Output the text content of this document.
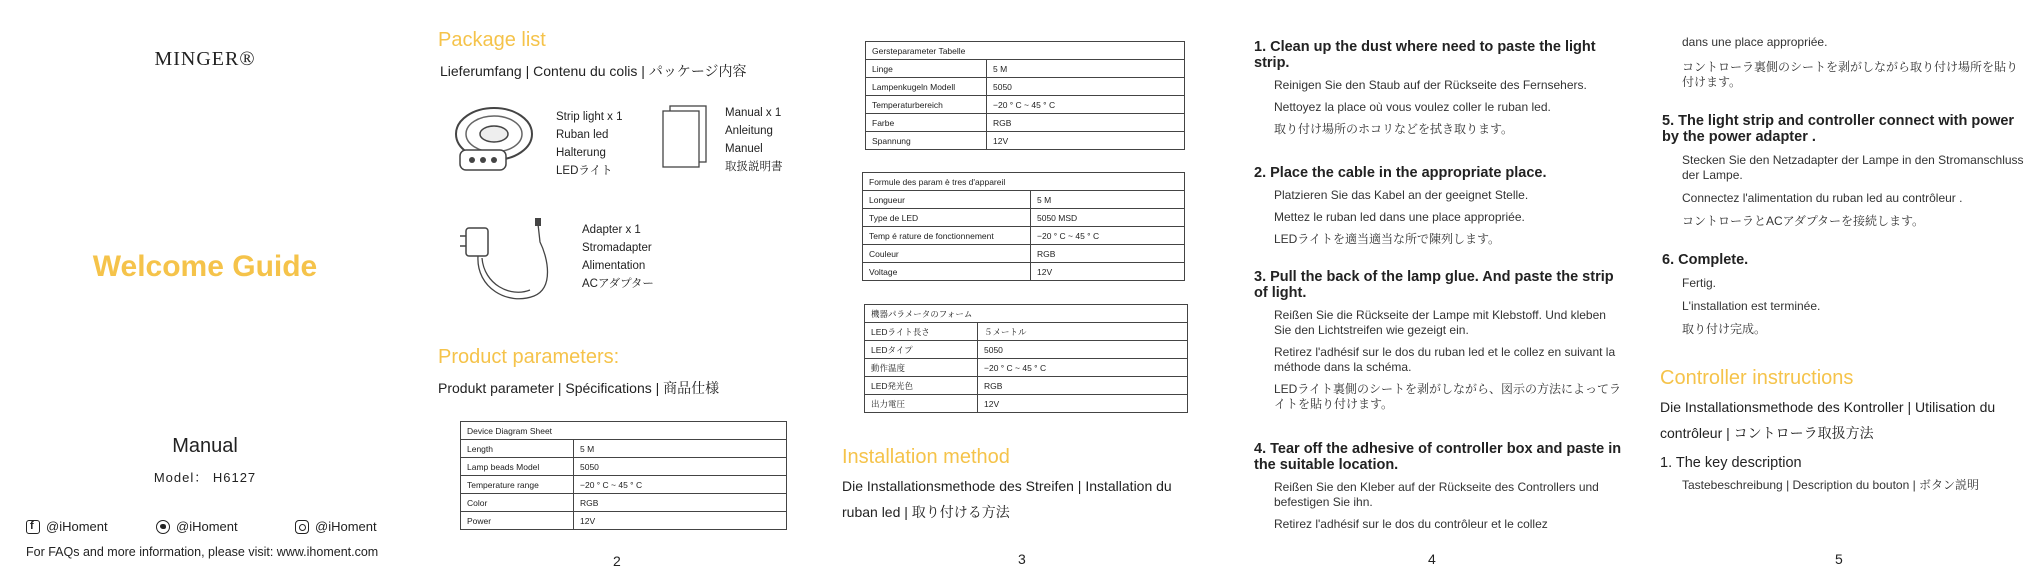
MINGER®
Welcome Guide
Manual
Model： H6127
f
@iHoment	@iHoment	@iHoment
For FAQs and more information, please visit: www.ihoment.com
Package list
Lieferumfang | Contenu du colis | パッケージ内容
Strip light x 1
Ruban led
Halterung
LEDライト
Manual x 1
Anleitung
Manuel
取扱説明書
Adapter x 1
Stromadapter
Alimentation
ACアダプター
Product parameters:
Produkt parameter | Spécifications | 商品仕様
Device Diagram Sheet	
Length	5 M
Lamp beads Model	5050
Temperature range	−20 ° C ~ 45 ° C
Color	RGB
Power	12V
2
Gersteparameter Tabelle	
Linge	5 M
Lampenkugeln Modell	5050
Temperaturbereich	−20 ° C ~ 45 ° C
Farbe	RGB
Spannung	12V
Formule des param è tres d'appareil	
Longueur	5 M
Type de LED	5050 MSD
Temp é rature de fonctionnement	−20 ° C ~ 45 ° C
Couleur	RGB
Voltage	12V
機器パラメータのフォーム	
LEDライト長さ	５メートル
LEDタイプ	5050
動作温度	−20 ° C ~ 45 ° C
LED発光色	RGB
出力電圧	12V
Installation method
Die Installationsmethode des Streifen | Installation du
ruban led | 取り付ける方法
3
1. Clean up the dust where need to paste the light strip.
Reinigen Sie den Staub auf der Rückseite des Fernsehers.
Nettoyez la place où vous voulez coller le ruban led.
取り付け場所のホコリなどを拭き取ります。
2. Place the cable in the appropriate place.
Platzieren Sie das Kabel an der geeignet Stelle.
Mettez le ruban led dans une place appropriée.
LEDライトを適当適当な所で陳列します。
3. Pull the back of the lamp glue. And paste the strip of light.
Reißen Sie die Rückseite der Lampe mit Klebstoff. Und kleben Sie den Lichtstreifen wie gezeigt ein.
Retirez l'adhésif sur le dos du ruban led et le collez en suivant la méthode dans la schéma.
LEDライト裏側のシートを剥がしながら、図示の方法によってライトを貼り付けます。
4. Tear off the adhesive of controller box and paste in the suitable location.
Reißen Sie den Kleber auf der Rückseite des Controllers und befestigen Sie ihn.
Retirez l'adhésif sur le dos du contrôleur et le collez
4
dans une place appropriée.
コントローラ裏側のシートを剥がしながら取り付け場所を貼り付けます。
5. The light strip and controller connect with power by the power adapter .
Stecken Sie den Netzadapter der Lampe in den Stromanschluss der Lampe.
Connectez l'alimentation du ruban led au contrôleur .
コントローラとACアダプターを接続します。
6. Complete.
Fertig.
L'installation est terminée.
取り付け完成。
Controller instructions
Die Installationsmethode des Kontroller | Utilisation du
contrôleur | コントローラ取扱方法
1. The key description
Tastebeschreibung | Description du bouton | ボタン説明
5
